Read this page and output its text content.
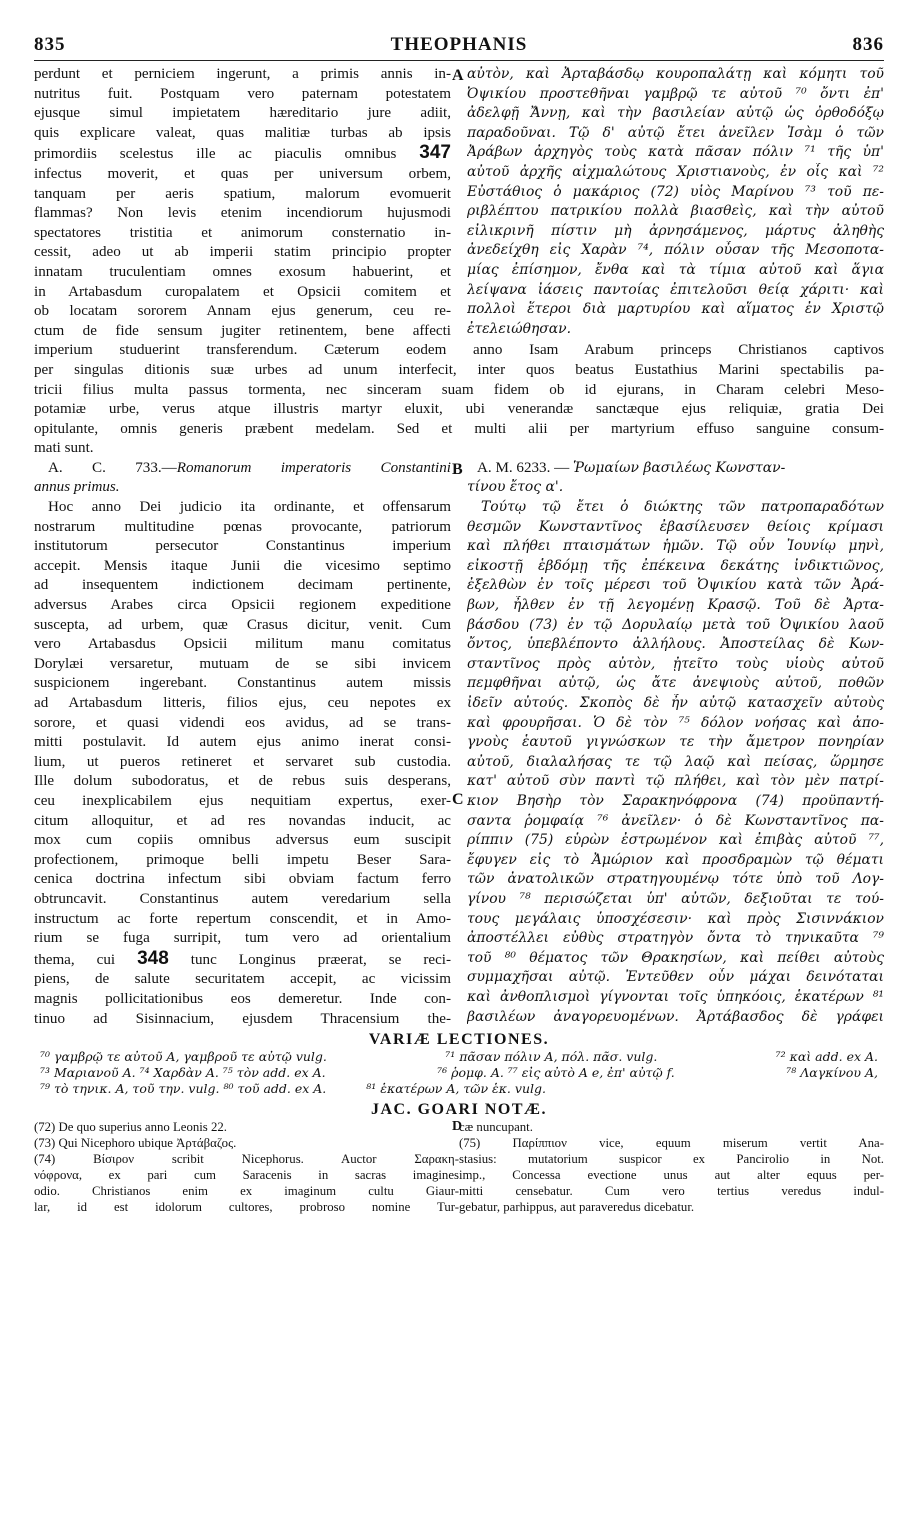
835	THEOPHANIS	836
A
perdunt et perniciem ingerunt, a primis annis in-
nutritus fuit. Postquam vero paternam potestatem
ejusque simul impietatem hæreditario jure adiit,
quis explicare valeat, quas malitiæ turbas ab ipsis
primordiis scelestus ille ac piaculis omnibus 347
infectus moverit, et quas per universum orbem,
tanquam per aeris spatium, malorum evomuerit
flammas? Non levis etenim incendiorum hujusmodi
spectatores tristitia et animorum consternatio in-
cessit, adeo ut ab imperii statim principio propter
innatam truculentiam omnes exosum habuerint, et
in Artabasdum curopalatem et Opsicii comitem et
ob locatam sororem Annam ejus generum, ceu re-
ctum de fide sensum jugiter retinentem, bene affecti
αὐτὸν, καὶ Ἀρταβάσδῳ κουροπαλάτῃ καὶ κόμητι τοῦ
Ὀψικίου προστεθῆναι γαμβρῷ τε αὐτοῦ ⁷⁰ ὄντι ἐπ'
ἀδελφῇ Ἄννῃ, καὶ τὴν βασιλείαν αὐτῷ ὡς ὀρθοδόξῳ
παραδοῦναι. Τῷ δ' αὐτῷ ἔτει ἀνεῖλεν Ἰσὰμ ὁ τῶν
Ἀράβων ἀρχηγὸς τοὺς κατὰ πᾶσαν πόλιν ⁷¹ τῆς ὑπ'
αὐτοῦ ἀρχῆς αἰχμαλώτους Χριστιανοὺς, ἐν οἷς καὶ ⁷²
Εὐστάθιος ὁ μακάριος (72) υἱὸς Μαρίνου ⁷³ τοῦ πε-
ριβλέπτου πατρικίου πολλὰ βιασθεὶς, καὶ τὴν αὐτοῦ
εἰλικρινῆ πίστιν μὴ ἀρνησάμενος, μάρτυς ἀληθὴς
ἀνεδείχθη εἰς Χαρὰν ⁷⁴, πόλιν οὖσαν τῆς Μεσοποτα-
μίας ἐπίσημον, ἔνθα καὶ τὰ τίμια αὐτοῦ καὶ ἅγια
λείψανα ἰάσεις παντοίας ἐπιτελοῦσι θείᾳ χάριτι· καὶ
πολλοὶ ἕτεροι διὰ μαρτυρίου καὶ αἵματος ἐν Χριστῷ
ἐτελειώθησαν.
imperium studuerint transferendum. Cæterum eodem anno Isam Arabum princeps Christianos captivos
per singulas ditionis suæ urbes ad unum interfecit, inter quos beatus Eustathius Marini spectabilis pa-
tricii filius multa passus tormenta, nec sinceram suam fidem ob id ejurans, in Charam celebri Meso-
potamiæ urbe, verus atque illustris martyr eluxit, ubi venerandæ sanctæque ejus reliquiæ, gratia Dei
opitulante, omnis generis præbent medelam. Sed et multi alii per martyrium effuso sanguine consum-
mati sunt.
B
C
A. C. 733.—Romanorum imperatoris Constantini
annus primus.
Hoc anno Dei judicio ita ordinante, et offensarum
nostrarum multitudine pœnas provocante, patriorum
institutorum persecutor Constantinus imperium
accepit. Mensis itaque Junii die vicesimo septimo
ad insequentem indictionem decimam pertinente,
adversus Arabes circa Opsicii regionem expeditione
suscepta, ad urbem, quæ Crasus dicitur, venit. Cum
vero Artabasdus Opsicii militum manu comitatus
Dorylæi versaretur, mutuam de se sibi invicem
suspicionem ingerebant. Constantinus autem missis
ad Artabasdum litteris, filios ejus, ceu nepotes ex
sorore, et quasi videndi eos avidus, ad se trans-
mitti postulavit. Id autem ejus animo inerat consi-
lium, ut pueros retineret et servaret sub custodia.
Ille dolum subodoratus, et de rebus suis desperans,
ceu inexplicabilem ejus nequitiam expertus, exer-
citum alloquitur, et ad res novandas inducit, ac
mox cum copiis omnibus adversus eum suscipit
profectionem, primoque belli impetu Beser Sara-
cenica doctrina infectum sibi obviam factum ferro
obtruncavit. Constantinus autem veredarium sella
instructum ac forte repertum conscendit, et in Amo-
rium se fuga surripit, tum vero ad orientalium
thema, cui 348 tunc Longinus præerat, se reci-
piens, de salute securitatem accepit, ac vicissim
magnis pollicitationibus eos demeretur. Inde con-
tinuo ad Sisinnacium, ejusdem Thracensium the-
A. M. 6233. — Ῥωμαίων βασιλέως Κωνσταν-
τίνου ἔτος α'.
Τούτῳ τῷ ἔτει ὁ διώκτης τῶν πατροπαραδότων
θεσμῶν Κωνσταντῖνος ἐβασίλευσεν θείοις κρίμασι
καὶ πλήθει πταισμάτων ἡμῶν. Τῷ οὖν Ἰουνίῳ μηνὶ,
εἰκοστῇ ἑβδόμῃ τῆς ἐπέκεινα δεκάτης ἰνδικτιῶνος,
ἐξελθὼν ἐν τοῖς μέρεσι τοῦ Ὀψικίου κατὰ τῶν Ἀρά-
βων, ἦλθεν ἐν τῇ λεγομένῃ Κρασῷ. Τοῦ δὲ Ἀρτα-
βάσδου (73) ἐν τῷ Δορυλαίῳ μετὰ τοῦ Ὀψικίου λαοῦ
ὄντος, ὑπεβλέποντο ἀλλήλους. Ἀποστείλας δὲ Κων-
σταντῖνος πρὸς αὐτὸν, ᾐτεῖτο τοὺς υἱοὺς αὐτοῦ
πεμφθῆναι αὐτῷ, ὡς ἄτε ἀνεψιοὺς αὐτοῦ, ποθῶν
ἰδεῖν αὐτούς. Σκοπὸς δὲ ἦν αὐτῷ κατασχεῖν αὐτοὺς
καὶ φρουρῆσαι. Ὁ δὲ τὸν ⁷⁵ δόλον νοήσας καὶ ἀπο-
γνοὺς ἑαυτοῦ γιγνώσκων τε τὴν ἄμετρον πονηρίαν
αὐτοῦ, διαλαλήσας τε τῷ λαῷ καὶ πείσας, ὥρμησε
κατ' αὐτοῦ σὺν παντὶ τῷ πλήθει, καὶ τὸν μὲν πατρί-
κιον Βησὴρ τὸν Σαρακηνόφρονα (74) προϋπαντή-
σαντα ῥομφαίᾳ ⁷⁶ ἀνεῖλεν· ὁ δὲ Κωνσταντῖνος πα-
ρίππιν (75) εὑρὼν ἐστρωμένον καὶ ἐπιβὰς αὐτοῦ ⁷⁷,
ἔφυγεν εἰς τὸ Ἀμώριον καὶ προσδραμὼν τῷ θέματι
τῶν ἀνατολικῶν στρατηγουμένῳ τότε ὑπὸ τοῦ Λογ-
γίνου ⁷⁸ περισώζεται ὑπ' αὐτῶν, δεξιοῦται τε τού-
τους μεγάλαις ὑποσχέσεσιν· καὶ πρὸς Σισιννάκιον
ἀποστέλλει εὐθὺς στρατηγὸν ὄντα τὸ τηνικαῦτα ⁷⁹
τοῦ ⁸⁰ θέματος τῶν Θρακησίων, καὶ πείθει αὐτοὺς
συμμαχῆσαι αὐτῷ. Ἐντεῦθεν οὖν μάχαι δεινόταται
καὶ ἀνθοπλισμοὶ γίγνονται τοῖς ὑπηκόοις, ἑκατέρων ⁸¹
βασιλέων ἀναγορευομένων. Ἀρτάβασδος δὲ γράφει
VARIÆ LECTIONES.
⁷⁰ γαμβρῷ τε αὐτοῦ A, γαμβροῦ τε αὐτῷ vulg.	⁷¹ πᾶσαν πόλιν A, πόλ. πᾶσ. vulg.	⁷² καὶ add. ex A.
⁷³ Μαριανοῦ A. ⁷⁴ Χαρδὰν A. ⁷⁵ τὸν add. ex A.	⁷⁶ ῥομφ. A. ⁷⁷ εἰς αὐτὸ A e, ἐπ' αὐτῷ f.	⁷⁸ Λαγκίνου A,
⁷⁹ τὸ τηνικ. A, τοῦ την. vulg. ⁸⁰ τοῦ add. ex A.	⁸¹ ἑκατέρων A, τῶν ἑκ. vulg.
JAC. GOARI NOTÆ.
D
(72) De quo superius anno Leonis 22.
(73) Qui Nicephoro ubique Ἀρτάβαζος.
(74) Βίσιρον scribit Nicephorus. Auctor Σαρακη-
νόφρονα, ex pari cum Saracenis in sacras imagines
odio. Christianos enim ex imaginum cultu Giaur-
lar, id est idolorum cultores, probroso nomine Tur-
cæ nuncupant.
(75) Παρίππιον vice, equum miserum vertit Ana-
stasius: mutatorium suspicor ex Pancirolio in Not.
imp., Concessa evectione unus aut alter equus per-
mitti censebatur. Cum vero tertius veredus indul-
gebatur, parhippus, aut paraveredus dicebatur.
